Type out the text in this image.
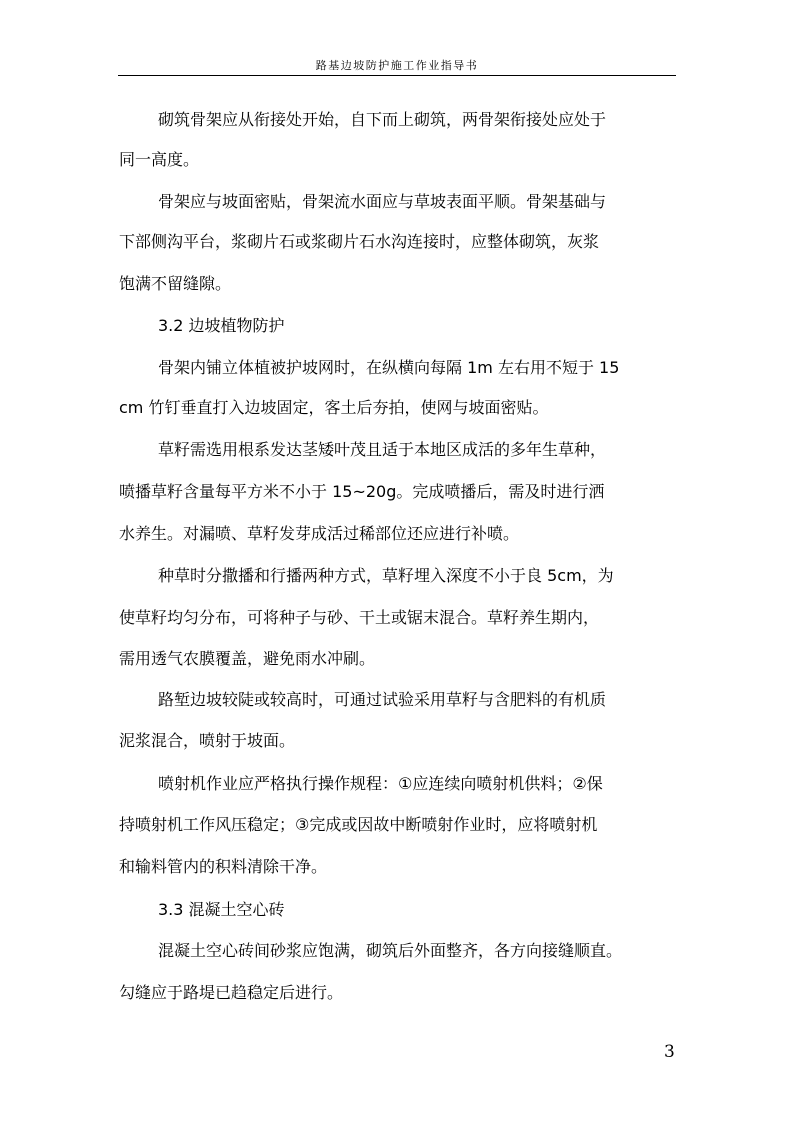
路基边坡防护施工作业指导书
砌筑骨架应从衔接处开始，自下而上砌筑，两骨架衔接处应处于
同一高度。
骨架应与坡面密贴，骨架流水面应与草坡表面平顺。骨架基础与
下部侧沟平台，浆砌片石或浆砌片石水沟连接时，应整体砌筑，灰浆
饱满不留缝隙。
3.2 边坡植物防护
骨架内铺立体植被护坡网时，在纵横向每隔 1m 左右用不短于 15
cm 竹钉垂直打入边坡固定，客土后夯拍，使网与坡面密贴。
草籽需选用根系发达茎矮叶茂且适于本地区成活的多年生草种，
喷播草籽含量每平方米不小于 15~20g。完成喷播后，需及时进行洒
水养生。对漏喷、草籽发芽成活过稀部位还应进行补喷。
种草时分撒播和行播两种方式，草籽埋入深度不小于良 5cm，为
使草籽均匀分布，可将种子与砂、干土或锯末混合。草籽养生期内，
需用透气农膜覆盖，避免雨水冲刷。
路堑边坡较陡或较高时，可通过试验采用草籽与含肥料的有机质
泥浆混合，喷射于坡面。
喷射机作业应严格执行操作规程：①应连续向喷射机供料；②保
持喷射机工作风压稳定；③完成或因故中断喷射作业时，应将喷射机
和输料管内的积料清除干净。
3.3 混凝土空心砖
混凝土空心砖间砂浆应饱满，砌筑后外面整齐，各方向接缝顺直。
勾缝应于路堤已趋稳定后进行。
3
